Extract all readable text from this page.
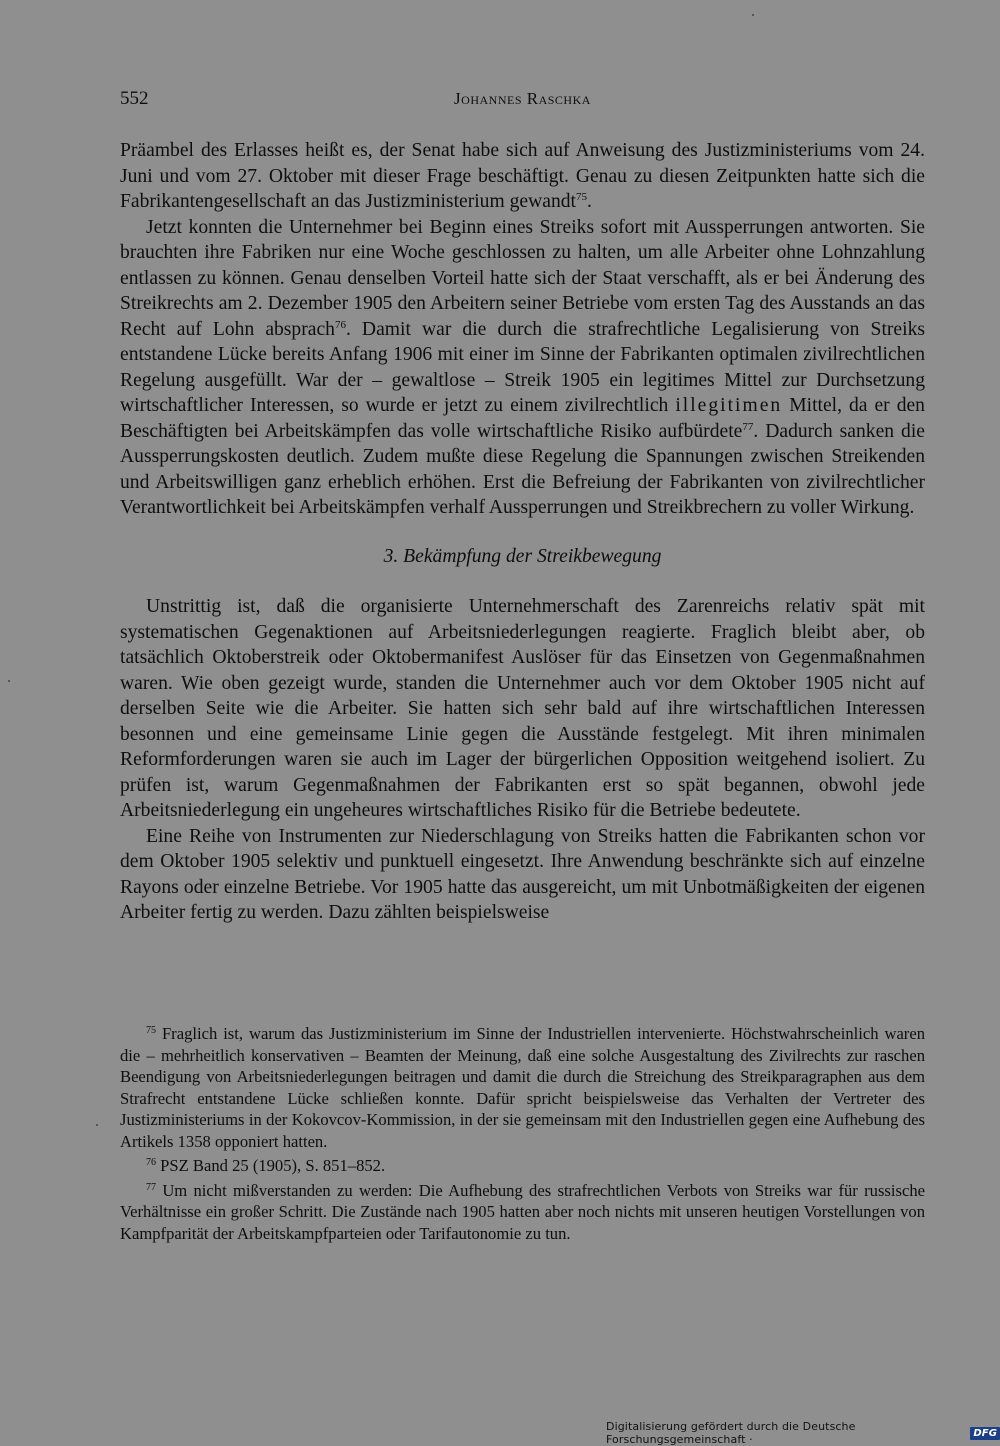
552	Johannes Raschka

Präambel des Erlasses heißt es, der Senat habe sich auf Anweisung des Justizministeriums vom 24. Juni und vom 27. Oktober mit dieser Frage beschäftigt. Genau zu diesen Zeitpunkten hatte sich die Fabrikantengesellschaft an das Justizministerium gewandt$^{75}$.

Jetzt konnten die Unternehmer bei Beginn eines Streiks sofort mit Aussperrungen antworten. Sie brauchten ihre Fabriken nur eine Woche geschlossen zu halten, um alle Arbeiter ohne Lohnzahlung entlassen zu können. Genau denselben Vorteil hatte sich der Staat verschafft, als er bei Änderung des Streikrechts am 2. Dezember 1905 den Arbeitern seiner Betriebe vom ersten Tag des Ausstands an das Recht auf Lohn absprach$^{76}$. Damit war die durch die strafrechtliche Legalisierung von Streiks entstandene Lücke bereits Anfang 1906 mit einer im Sinne der Fabrikanten optimalen zivilrechtlichen Regelung ausgefüllt. War der – gewaltlose – Streik 1905 ein legitimes Mittel zur Durchsetzung wirtschaftlicher Interessen, so wurde er jetzt zu einem zivilrechtlich illegitimen Mittel, da er den Beschäftigten bei Arbeitskämpfen das volle wirtschaftliche Risiko aufbürdete$^{77}$. Dadurch sanken die Aussperrungskosten deutlich. Zudem mußte diese Regelung die Spannungen zwischen Streikenden und Arbeitswilligen ganz erheblich erhöhen. Erst die Befreiung der Fabrikanten von zivilrechtlicher Verantwortlichkeit bei Arbeitskämpfen verhalf Aussperrungen und Streikbrechern zu voller Wirkung.

3. Bekämpfung der Streikbewegung

Unstrittig ist, daß die organisierte Unternehmerschaft des Zarenreichs relativ spät mit systematischen Gegenaktionen auf Arbeitsniederlegungen reagierte. Fraglich bleibt aber, ob tatsächlich Oktoberstreik oder Oktobermanifest Auslöser für das Einsetzen von Gegenmaßnahmen waren. Wie oben gezeigt wurde, standen die Unternehmer auch vor dem Oktober 1905 nicht auf derselben Seite wie die Arbeiter. Sie hatten sich sehr bald auf ihre wirtschaftlichen Interessen besonnen und eine gemeinsame Linie gegen die Ausstände festgelegt. Mit ihren minimalen Reformforderungen waren sie auch im Lager der bürgerlichen Opposition weitgehend isoliert. Zu prüfen ist, warum Gegenmaßnahmen der Fabrikanten erst so spät begannen, obwohl jede Arbeitsniederlegung ein ungeheures wirtschaftliches Risiko für die Betriebe bedeutete.

Eine Reihe von Instrumenten zur Niederschlagung von Streiks hatten die Fabrikanten schon vor dem Oktober 1905 selektiv und punktuell eingesetzt. Ihre Anwendung beschränkte sich auf einzelne Rayons oder einzelne Betriebe. Vor 1905 hatte das ausgereicht, um mit Unbotmäßigkeiten der eigenen Arbeiter fertig zu werden. Dazu zählten beispielsweise

$^{75}$ Fraglich ist, warum das Justizministerium im Sinne der Industriellen intervenierte. Höchstwahrscheinlich waren die – mehrheitlich konservativen – Beamten der Meinung, daß eine solche Ausgestaltung des Zivilrechts zur raschen Beendigung von Arbeitsniederlegungen beitragen und damit die durch die Streichung des Streikparagraphen aus dem Strafrecht entstandene Lücke schließen konnte. Dafür spricht beispielsweise das Verhalten der Vertreter des Justizministeriums in der Kokovcov-Kommission, in der sie gemeinsam mit den Industriellen gegen eine Aufhebung des Artikels 1358 opponiert hatten.

$^{76}$ PSZ Band 25 (1905), S. 851–852.

$^{77}$ Um nicht mißverstanden zu werden: Die Aufhebung des strafrechtlichen Verbots von Streiks war für russische Verhältnisse ein großer Schritt. Die Zustände nach 1905 hatten aber noch nichts mit unseren heutigen Vorstellungen von Kampfparität der Arbeitskampfparteien oder Tarifautonomie zu tun.

Digitalisierung gefördert durch die Deutsche Forschungsgemeinschaft ·	DFG
